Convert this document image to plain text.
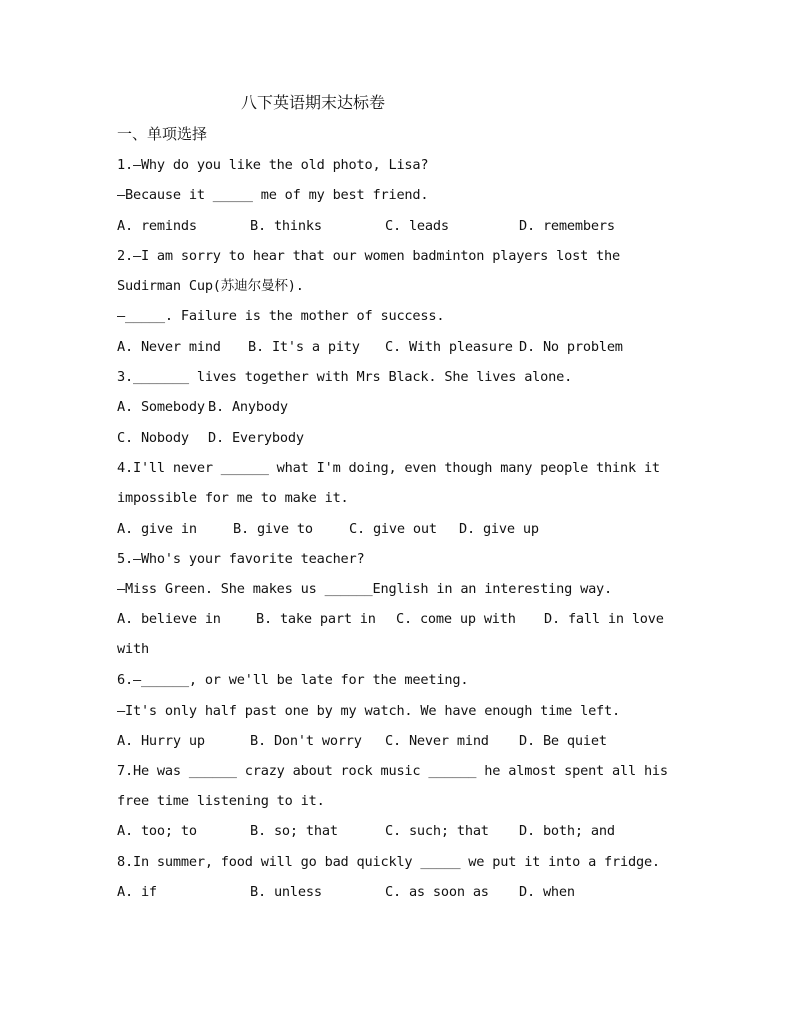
八下英语期末达标卷
一、单项选择
1.—Why do you like the old photo, Lisa?
—Because it _____ me of my best friend.
A. reminds	B. thinks	C. leads	D. remembers
2.—I am sorry to hear that our women badminton players lost the
Sudirman Cup(苏迪尔曼杯).
—_____. Failure is the mother of success.
A. Never mind B. It's a pity C. With pleasure D. No problem
3._______ lives together with Mrs Black. She lives alone.
A. Somebody B. Anybody
C. Nobody D. Everybody
4.I'll never ______ what I'm doing, even though many people think it
impossible for me to make it.
A. give in	B. give to	C. give out D. give up
5.—Who's your favorite teacher?
—Miss Green. She makes us ______English in an interesting way.
A. believe in	B. take part in C. come up with D. fall in love
with
6.—______, or we'll be late for the meeting.
—It's only half past one by my watch. We have enough time left.
A. Hurry up	B. Don't worry C. Never mind D. Be quiet
7.He was ______ crazy about rock music ______ he almost spent all his
free time listening to it.
A. too; to	B. so; that	C. such; that D. both; and
8.In summer, food will go bad quickly _____ we put it into a fridge.
A. if	B. unless	C. as soon as D. when
